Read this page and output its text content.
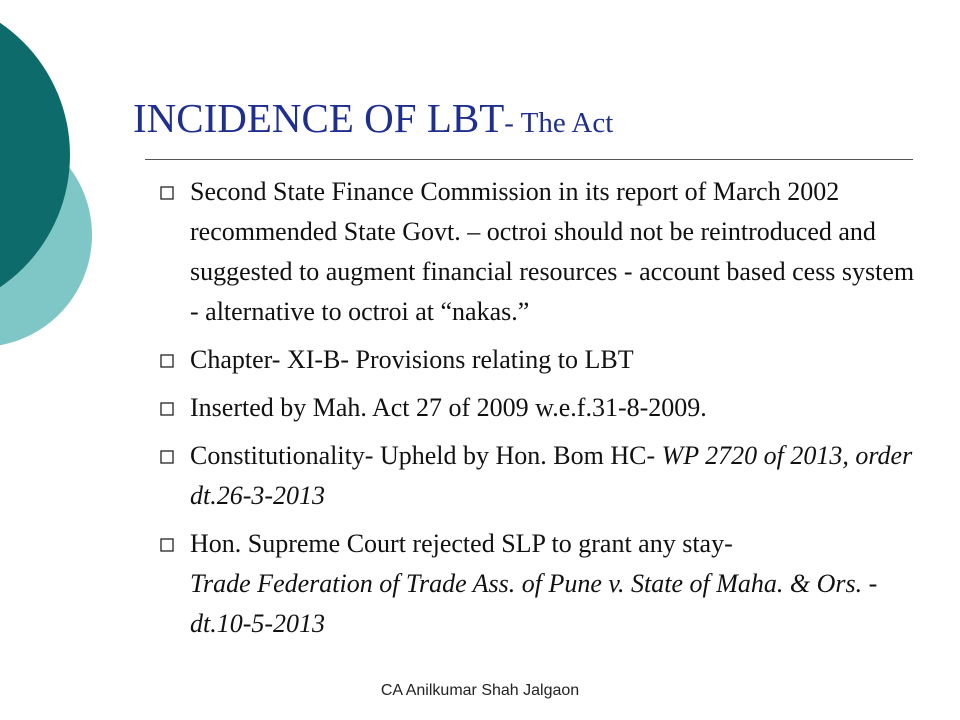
INCIDENCE OF LBT- The Act
Second State Finance Commission in its report of March 2002 recommended State Govt. – octroi should not be reintroduced and suggested to augment financial resources - account based cess system - alternative to octroi at “nakas.”
Chapter- XI-B- Provisions relating to LBT
Inserted by Mah. Act 27 of 2009 w.e.f.31-8-2009.
Constitutionality- Upheld by Hon. Bom HC- WP 2720 of 2013, order dt.26-3-2013
Hon. Supreme Court rejected SLP to grant any stay-
Trade Federation of Trade Ass. of Pune v. State of Maha. & Ors. - dt.10-5-2013
CA Anilkumar Shah Jalgaon
